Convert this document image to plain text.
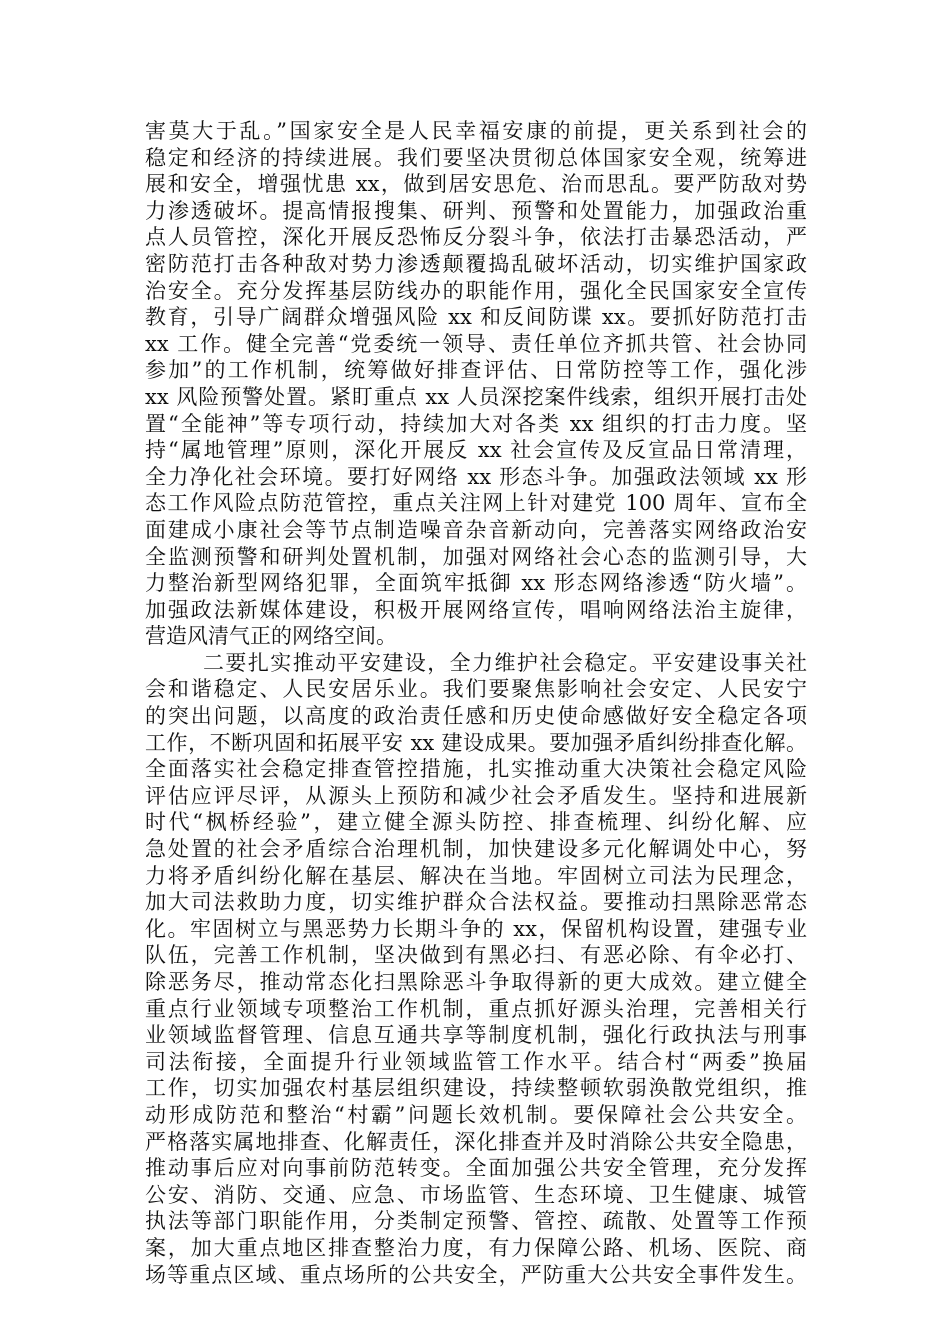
害莫大于乱。”国家安全是人民幸福安康的前提，更关系到社会的
稳定和经济的持续进展。我们要坚决贯彻总体国家安全观，统筹进
展和安全，增强忧患 xx，做到居安思危、治而思乱。要严防敌对势
力渗透破坏。提高情报搜集、研判、预警和处置能力，加强政治重
点人员管控，深化开展反恐怖反分裂斗争，依法打击暴恐活动，严
密防范打击各种敌对势力渗透颠覆捣乱破坏活动，切实维护国家政
治安全。充分发挥基层防线办的职能作用，强化全民国家安全宣传
教育，引导广阔群众增强风险 xx 和反间防谍 xx。要抓好防范打击
xx 工作。健全完善“党委统一领导、责任单位齐抓共管、社会协同
参加”的工作机制，统筹做好排查评估、日常防控等工作，强化涉
xx 风险预警处置。紧盯重点 xx 人员深挖案件线索，组织开展打击处
置“全能神”等专项行动，持续加大对各类 xx 组织的打击力度。坚
持“属地管理”原则，深化开展反 xx 社会宣传及反宣品日常清理，
全力净化社会环境。要打好网络 xx 形态斗争。加强政法领域 xx 形
态工作风险点防范管控，重点关注网上针对建党 100 周年、宣布全
面建成小康社会等节点制造噪音杂音新动向，完善落实网络政治安
全监测预警和研判处置机制，加强对网络社会心态的监测引导，大
力整治新型网络犯罪，全面筑牢抵御 xx 形态网络渗透“防火墙”。
加强政法新媒体建设，积极开展网络宣传，唱响网络法治主旋律，
营造风清气正的网络空间。
二要扎实推动平安建设，全力维护社会稳定。平安建设事关社
会和谐稳定、人民安居乐业。我们要聚焦影响社会安定、人民安宁
的突出问题，以高度的政治责任感和历史使命感做好安全稳定各项
工作，不断巩固和拓展平安 xx 建设成果。要加强矛盾纠纷排查化解。
全面落实社会稳定排查管控措施，扎实推动重大决策社会稳定风险
评估应评尽评，从源头上预防和减少社会矛盾发生。坚持和进展新
时代“枫桥经验”，建立健全源头防控、排查梳理、纠纷化解、应
急处置的社会矛盾综合治理机制，加快建设多元化解调处中心，努
力将矛盾纠纷化解在基层、解决在当地。牢固树立司法为民理念，
加大司法救助力度，切实维护群众合法权益。要推动扫黑除恶常态
化。牢固树立与黑恶势力长期斗争的 xx，保留机构设置，建强专业
队伍，完善工作机制，坚决做到有黑必扫、有恶必除、有伞必打、
除恶务尽，推动常态化扫黑除恶斗争取得新的更大成效。建立健全
重点行业领域专项整治工作机制，重点抓好源头治理，完善相关行
业领域监督管理、信息互通共享等制度机制，强化行政执法与刑事
司法衔接，全面提升行业领域监管工作水平。结合村“两委”换届
工作，切实加强农村基层组织建设，持续整顿软弱涣散党组织，推
动形成防范和整治“村霸”问题长效机制。要保障社会公共安全。
严格落实属地排查、化解责任，深化排查并及时消除公共安全隐患，
推动事后应对向事前防范转变。全面加强公共安全管理，充分发挥
公安、消防、交通、应急、市场监管、生态环境、卫生健康、城管
执法等部门职能作用，分类制定预警、管控、疏散、处置等工作预
案，加大重点地区排查整治力度，有力保障公路、机场、医院、商
场等重点区域、重点场所的公共安全，严防重大公共安全事件发生。
